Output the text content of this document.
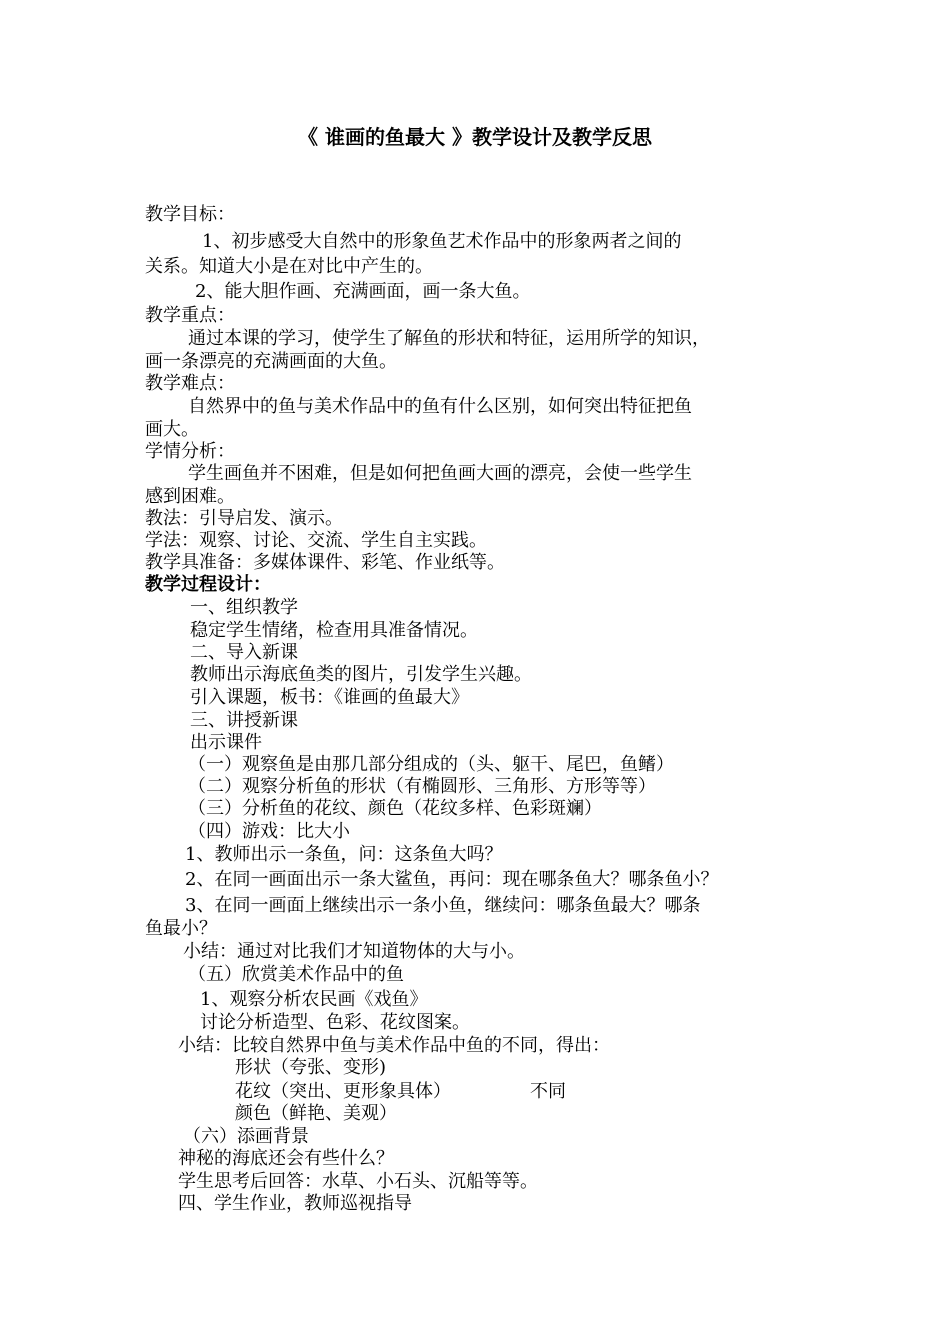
《 谁画的鱼最大 》教学设计及教学反思
教学目标：
1、初步感受大自然中的形象鱼艺术作品中的形象两者之间的
关系。知道大小是在对比中产生的。
2、能大胆作画、充满画面，画一条大鱼。
教学重点：
通过本课的学习，使学生了解鱼的形状和特征，运用所学的知识，
画一条漂亮的充满画面的大鱼。
教学难点：
自然界中的鱼与美术作品中的鱼有什么区别，如何突出特征把鱼
画大。
学情分析：
学生画鱼并不困难，但是如何把鱼画大画的漂亮，会使一些学生
感到困难。
教法：引导启发、演示。
学法：观察、讨论、交流、学生自主实践。
教学具准备：多媒体课件、彩笔、作业纸等。
教学过程设计：
一、组织教学
稳定学生情绪，检查用具准备情况。
二、导入新课
教师出示海底鱼类的图片，引发学生兴趣。
引入课题，板书：《谁画的鱼最大》
三、讲授新课
出示课件
（一）观察鱼是由那几部分组成的（头、躯干、尾巴，鱼鳍）
（二）观察分析鱼的形状（有椭圆形、三角形、方形等等）
（三）分析鱼的花纹、颜色（花纹多样、色彩斑斓）
（四）游戏：比大小
1、教师出示一条鱼，问：这条鱼大吗？
2、在同一画面出示一条大鲨鱼，再问：现在哪条鱼大？哪条鱼小？
3、在同一画面上继续出示一条小鱼，继续问：哪条鱼最大？哪条
鱼最小？
小结：通过对比我们才知道物体的大与小。
（五）欣赏美术作品中的鱼
1、观察分析农民画《戏鱼》
讨论分析造型、色彩、花纹图案。
小结：比较自然界中鱼与美术作品中鱼的不同，得出：
形状（夸张、变形)
花纹（突出、更形象具体）	不同
颜色（鲜艳、美观）
（六）添画背景
神秘的海底还会有些什么？
学生思考后回答：水草、小石头、沉船等等。
四、学生作业，教师巡视指导
